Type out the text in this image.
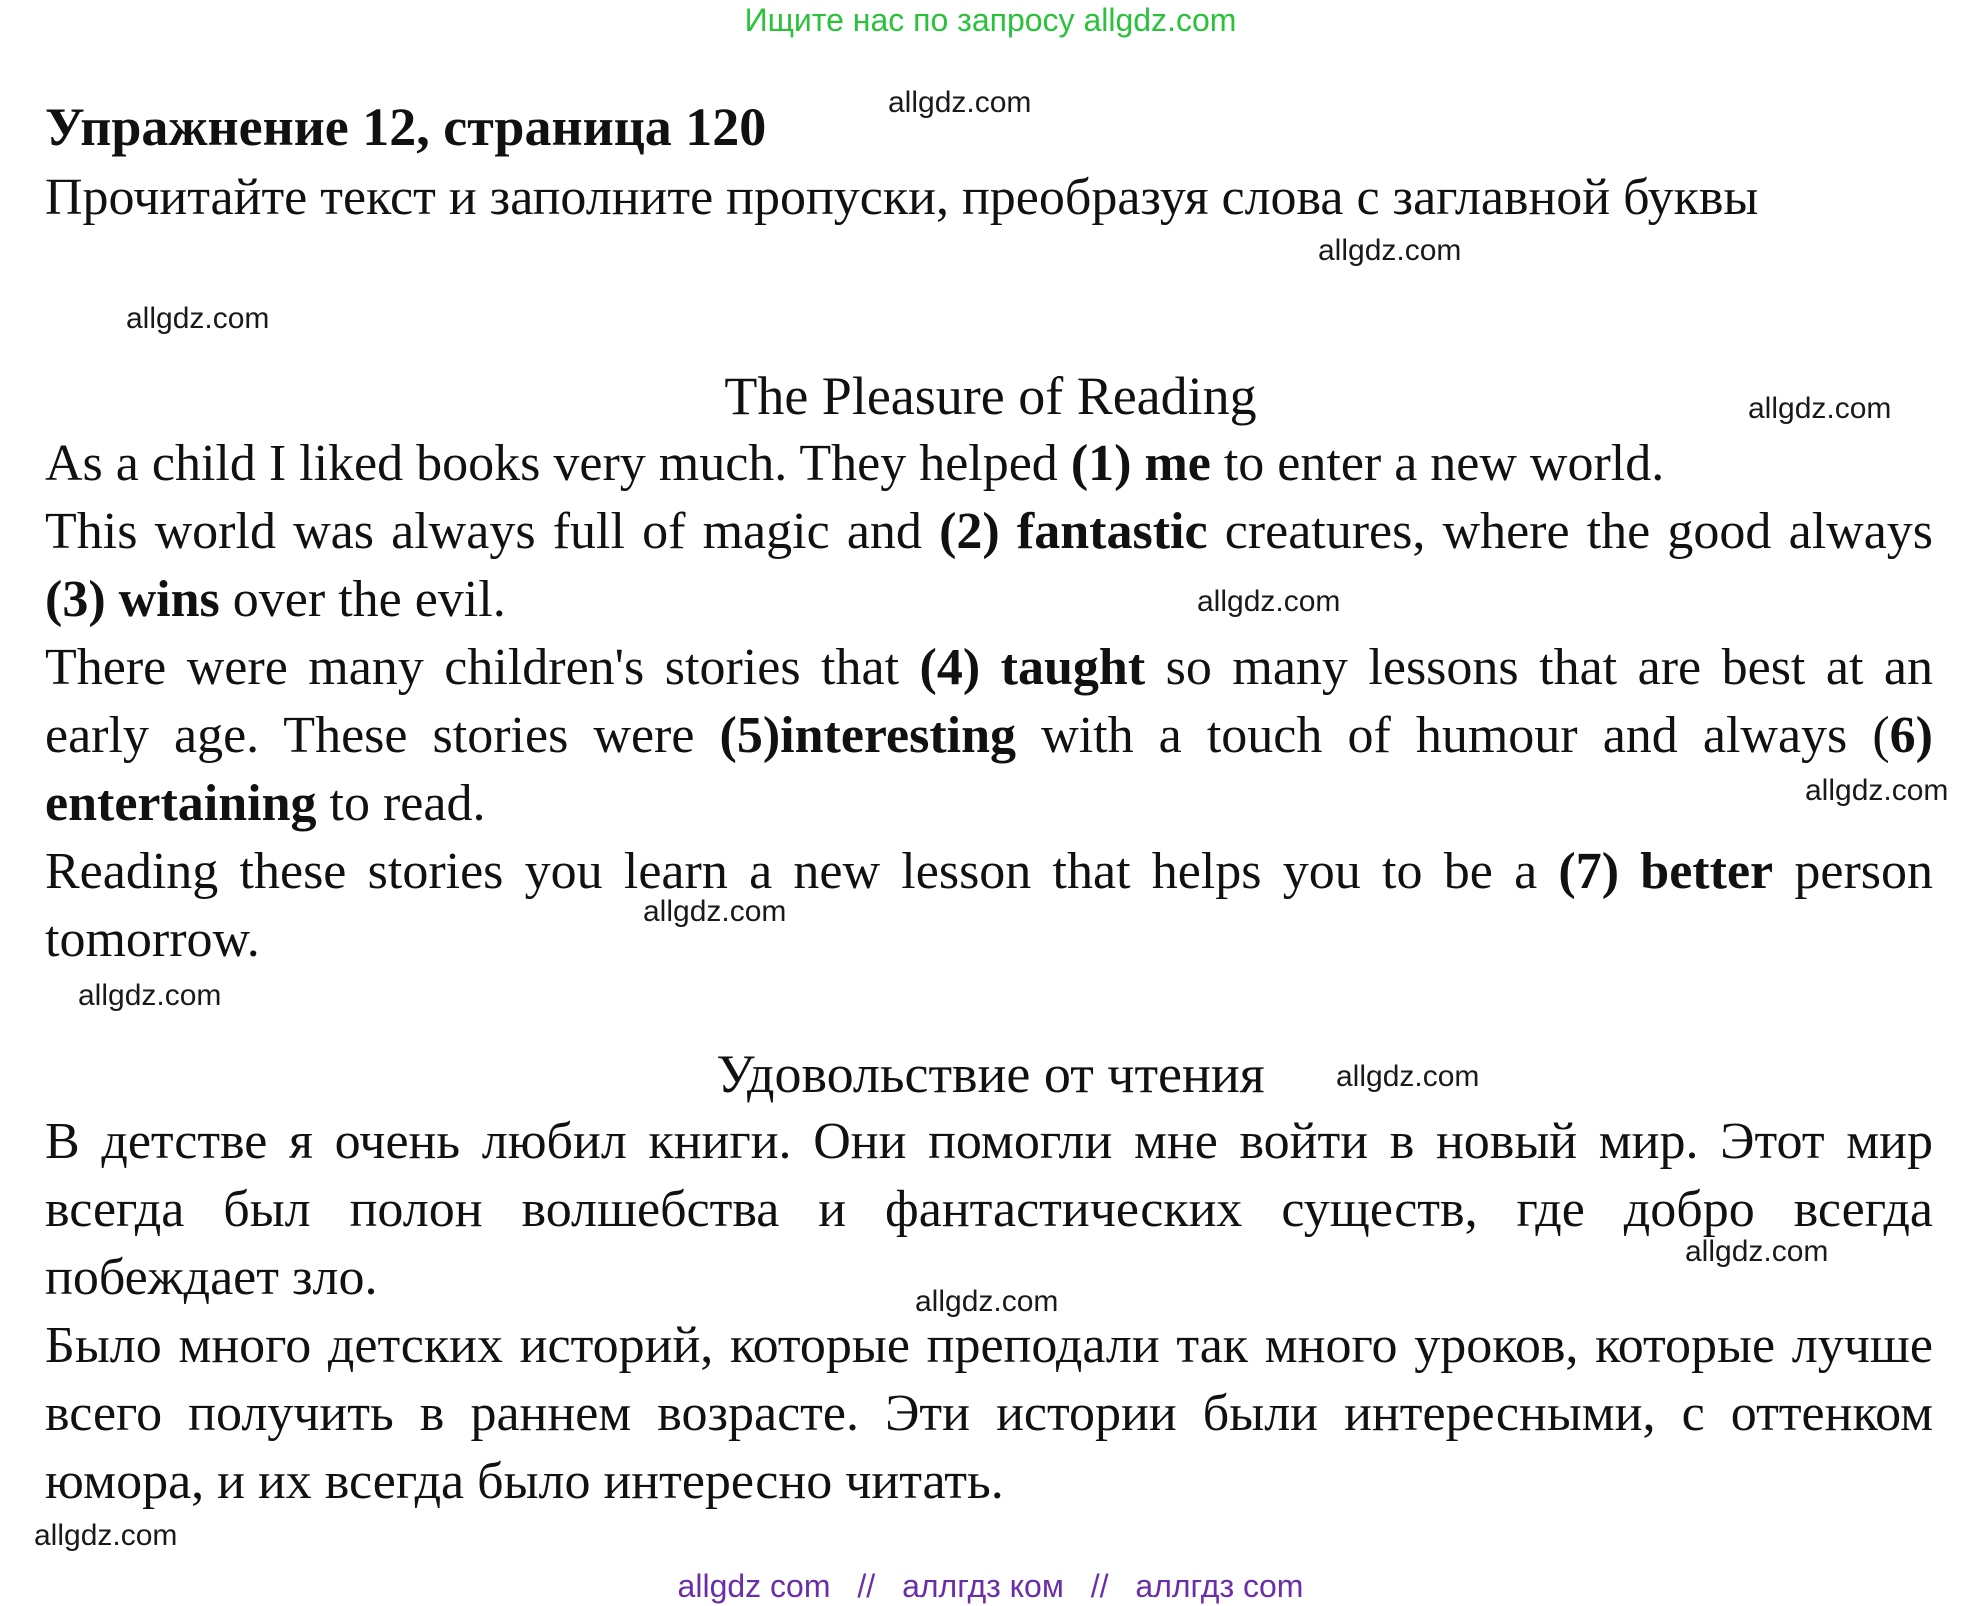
Ищите нас по запросу allgdz.com
Упражнение 12, страница 120

Прочитайте текст и заполните пропуски, преобразуя слова с заглавной буквы

The Pleasure of Reading

As a child I liked books very much. They helped (1) me to enter a new world.

This world was always full of magic and (2) fantastic creatures, where the good always (3) wins over the evil.

There were many children's stories that (4) taught so many lessons that are best at an early age. These stories were (5)interesting with a touch of humour and always (6) entertaining to read.

Reading these stories you learn a new lesson that helps you to be a (7) better person tomorrow.

Удовольствие от чтения

В детстве я очень любил книги. Они помогли мне войти в новый мир. Этот мир всегда был полон волшебства и фантастических существ, где добро всегда побеждает зло.

Было много детских историй, которые преподали так много уроков, которые лучше всего получить в раннем возрасте. Эти истории были интересными, с оттенком юмора, и их всегда было интересно читать.

allgdz.com
allgdz.com
allgdz.com
allgdz.com
allgdz.com
allgdz.com
allgdz.com
allgdz.com
allgdz.com
allgdz.com
allgdz.com
allgdz.com
allgdz com // аллгдз ком // аллгдз com
